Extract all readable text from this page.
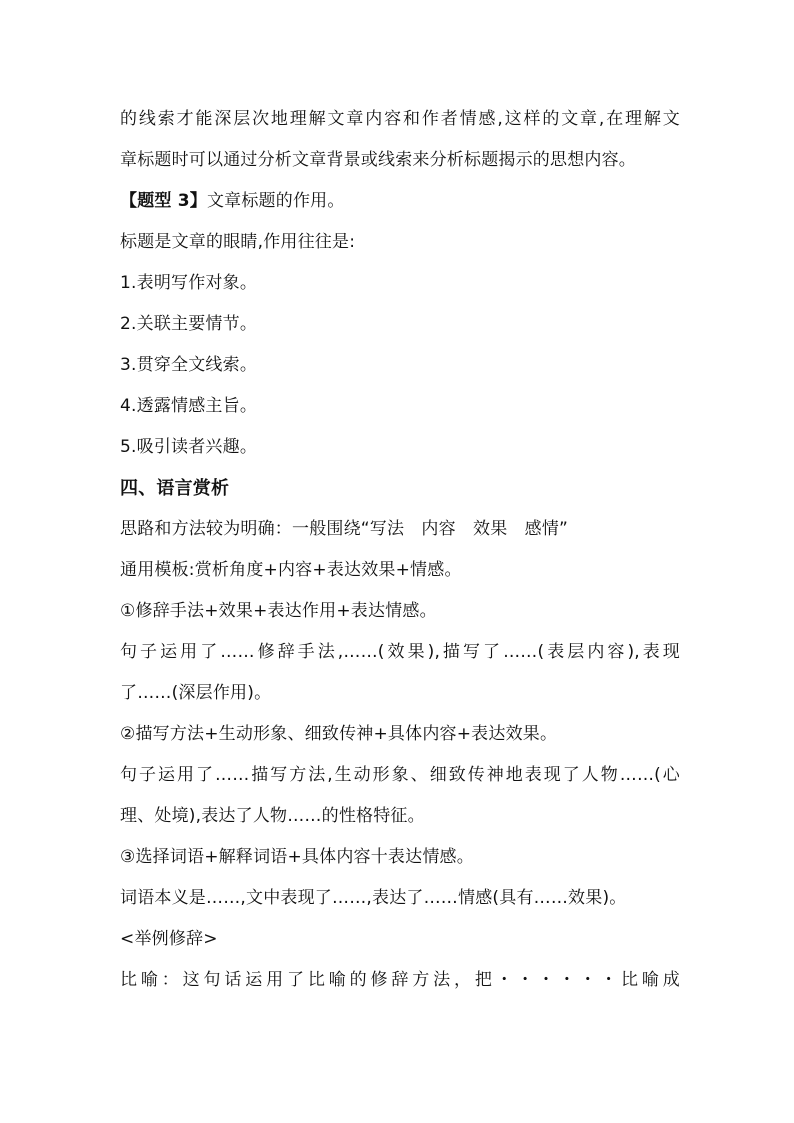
的线索才能深层次地理解文章内容和作者情感,这样的文章,在理解文
章标题时可以通过分析文章背景或线索来分析标题揭示的思想内容。
【题型 3】文章标题的作用。
标题是文章的眼睛,作用往往是:
1.表明写作对象。
2.关联主要情节。
3.贯穿全文线索。
4.透露情感主旨。
5.吸引读者兴趣。
四、语言赏析
思路和方法较为明确：一般围绕“写法　内容　效果　感情”
通用模板:赏析角度+内容+表达效果+情感。
①修辞手法+效果+表达作用+表达情感。
句子运用了……修辞手法,……(效果),描写了……(表层内容),表现
了……(深层作用)。
②描写方法+生动形象、细致传神+具体内容+表达效果。
句子运用了……描写方法,生动形象、细致传神地表现了人物……(心
理、处境),表达了人物……的性格特征。
③选择词语+解释词语+具体内容十表达情感。
词语本义是……,文中表现了……,表达了……情感(具有……效果)。
<举例修辞>
比喻：这句话运用了比喻的修辞方法，把・・・・・・比喻成
